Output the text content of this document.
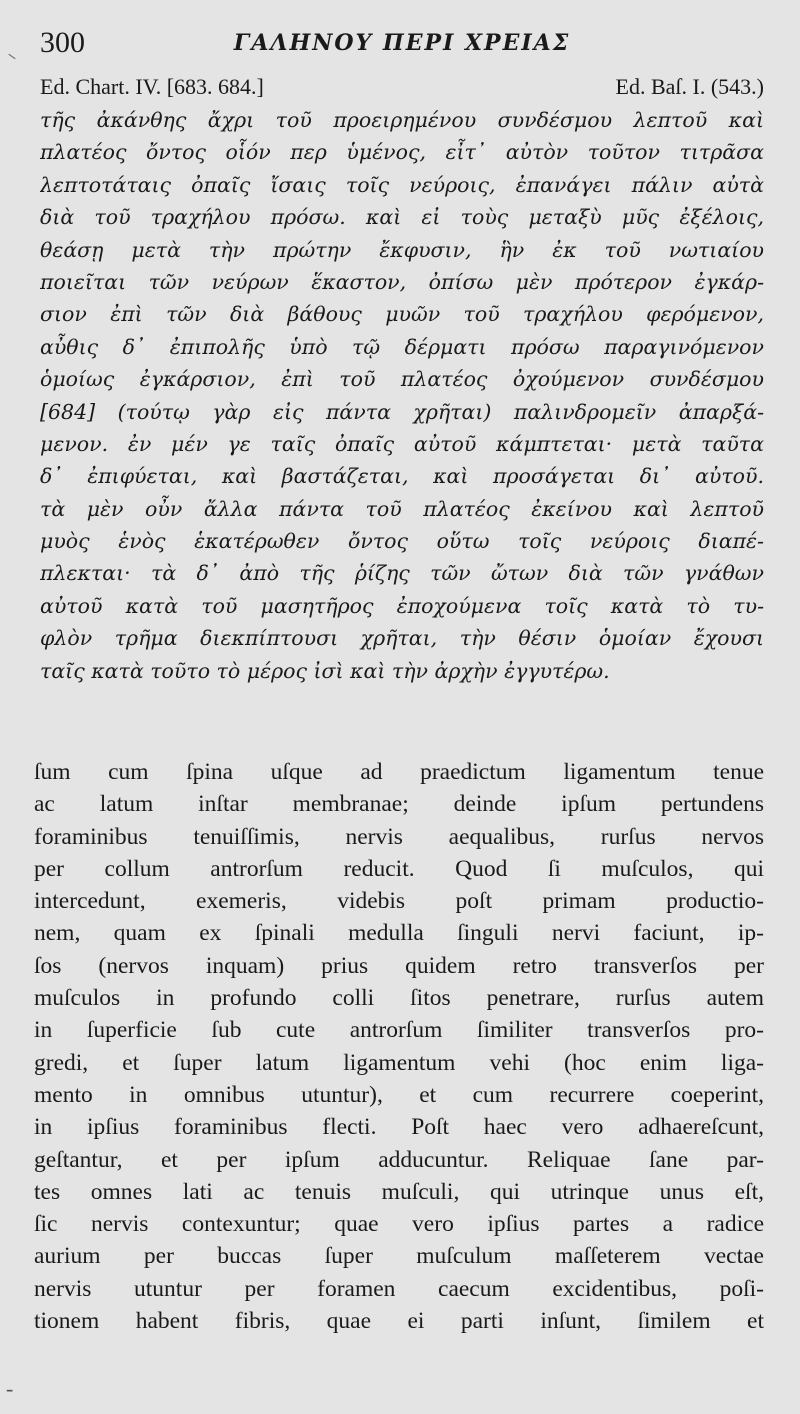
300	ΓΑΛΗΝΟΥ ΠΕΡΙ ΧΡΕΙΑΣ
Ed. Chart. IV. [683. 684.]	Ed. Baſ. I. (543.)
τῆς ἀκάνθης ἄχρι τοῦ προειρημένου συνδέσμου λεπτοῦ καὶ
πλατέος ὄντος οἷόν περ ὑμένος, εἶτ᾽ αὐτὸν τοῦτον τιτρᾶσα
λεπτοτάταις ὀπαῖς ἴσαις τοῖς νεύροις, ἐπανάγει πάλιν αὐτὰ
διὰ τοῦ τραχήλου πρόσω. καὶ εἰ τοὺς μεταξὺ μῦς ἐξέλοις,
θεάσῃ μετὰ τὴν πρώτην ἔκφυσιν, ἣν ἐκ τοῦ νωτιαίου
ποιεῖται τῶν νεύρων ἕκαστον, ὀπίσω μὲν πρότερον ἐγκάρ-
σιον ἐπὶ τῶν διὰ βάθους μυῶν τοῦ τραχήλου φερόμενον,
αὖθις δ᾽ ἐπιπολῆς ὑπὸ τῷ δέρματι πρόσω παραγινόμενον
ὁμοίως ἐγκάρσιον, ἐπὶ τοῦ πλατέος ὀχούμενον συνδέσμου
[684] (τούτῳ γὰρ εἰς πάντα χρῆται) παλινδρομεῖν ἀπαρξά-
μενον. ἐν μέν γε ταῖς ὀπαῖς αὐτοῦ κάμπτεται· μετὰ ταῦτα
δ᾽ ἐπιφύεται, καὶ βαστάζεται, καὶ προσάγεται δι᾽ αὐτοῦ.
τὰ μὲν οὖν ἄλλα πάντα τοῦ πλατέος ἐκείνου καὶ λεπτοῦ
μυὸς ἑνὸς ἑκατέρωθεν ὄντος οὕτω τοῖς νεύροις διαπέ-
πλεκται· τὰ δ᾽ ἀπὸ τῆς ῥίζης τῶν ὤτων διὰ τῶν γνάθων
αὐτοῦ κατὰ τοῦ μασητῆρος ἐποχούμενα τοῖς κατὰ τὸ τυ-
φλὸν τρῆμα διεκπίπτουσι χρῆται, τὴν θέσιν ὁμοίαν ἔχουσι
ταῖς κατὰ τοῦτο τὸ μέρος ἰσὶ καὶ τὴν ἀρχὴν ἐγγυτέρω.
ſum cum ſpina uſque ad praedictum ligamentum tenue
ac latum inſtar membranae; deinde ipſum pertundens
foraminibus tenuiſſimis, nervis aequalibus, rurſus nervos
per collum antrorſum reducit. Quod ſi muſculos, qui
intercedunt, exemeris, videbis poſt primam productio-
nem, quam ex ſpinali medulla ſinguli nervi faciunt, ip-
ſos (nervos inquam) prius quidem retro transverſos per
muſculos in profundo colli ſitos penetrare, rurſus autem
in ſuperficie ſub cute antrorſum ſimiliter transverſos pro-
gredi, et ſuper latum ligamentum vehi (hoc enim liga-
mento in omnibus utuntur), et cum recurrere coeperint,
in ipſius foraminibus flecti. Poſt haec vero adhaereſcunt,
geſtantur, et per ipſum adducuntur. Reliquae ſane par-
tes omnes lati ac tenuis muſculi, qui utrinque unus eſt,
ſic nervis contexuntur; quae vero ipſius partes a radice
aurium per buccas ſuper muſculum maſſeterem vectae
nervis utuntur per foramen caecum excidentibus, poſi-
tionem habent fibris, quae ei parti inſunt, ſimilem et
-
